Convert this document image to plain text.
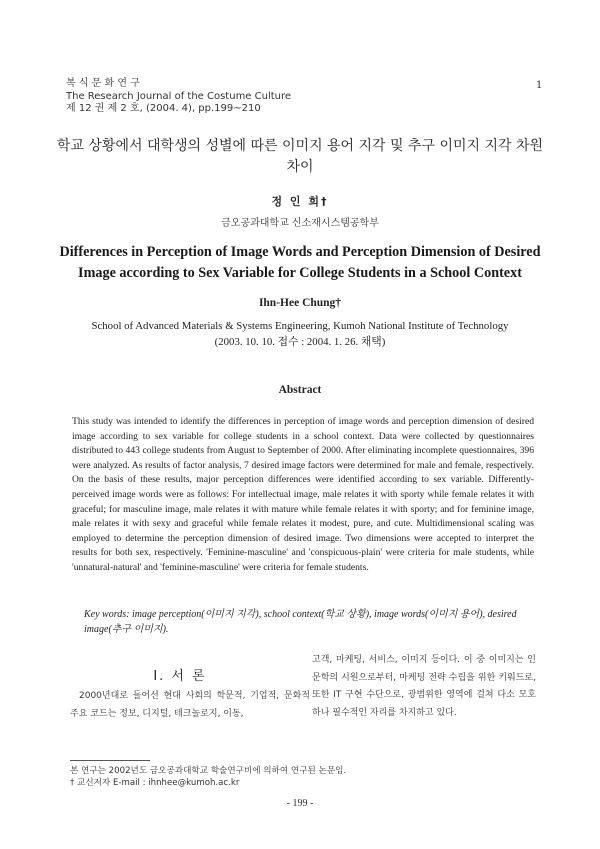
복 식 문 화 연 구
The Research Journal of the Costume Culture
제 12 권 제 2 호, (2004. 4), pp.199∼210
1
학교 상황에서 대학생의 성별에 따른 이미지 용어 지각 및 추구 이미지 지각 차원 차이
정 인 희†
금오공과대학교 신소재시스템공학부
Differences in Perception of Image Words and Perception Dimension of Desired Image according to Sex Variable for College Students in a School Context
Ihn-Hee Chung†
School of Advanced Materials & Systems Engineering, Kumoh National Institute of Technology
(2003. 10. 10. 접수 : 2004. 1. 26. 채택)
Abstract
This study was intended to identify the differences in perception of image words and perception dimension of desired image according to sex variable for college students in a school context. Data were collected by questionnaires distributed to 443 college students from August to September of 2000. After eliminating incomplete questionnaires, 396 were analyzed. As results of factor analysis, 7 desired image factors were determined for male and female, respectively. On the basis of these results, major perception differences were identified according to sex variable. Differently-perceived image words were as follows: For intellectual image, male relates it with sporty while female relates it with graceful; for masculine image, male relates it with mature while female relates it with sporty; and for feminine image, male relates it with sexy and graceful while female relates it modest, pure, and cute. Multidimensional scaling was employed to determine the perception dimension of desired image. Two dimensions were accepted to interpret the results for both sex, respectively. 'Feminine-masculine' and 'conspicuous-plain' were criteria for male students, while 'unnatural-natural' and 'feminine-masculine' were criteria for female students.
Key words: image perception(이미지 지각), school context(학교 상황), image words(이미지 용어), desired image(추구 이미지).
Ⅰ. 서 론
2000년대로 들어선 현대 사회의 학문적, 기업적, 문화적 주요 코드는 정보, 디지털, 테크놀로지, 이동,
고객, 마케팅, 서비스, 이미지 등이다. 이 중 이미지는 인문학의 시원으로부터, 마케팅 전략 수립을 위한 키워드로, 또한 IT 구현 수단으로, 광범위한 영역에 걸쳐 다소 모호하나 필수적인 자리를 차지하고 있다.
본 연구는 2002년도 금오공과대학교 학술연구비에 의하여 연구된 논문임.
† 교신저자 E-mail : ihnhee@kumoh.ac.kr
- 199 -
